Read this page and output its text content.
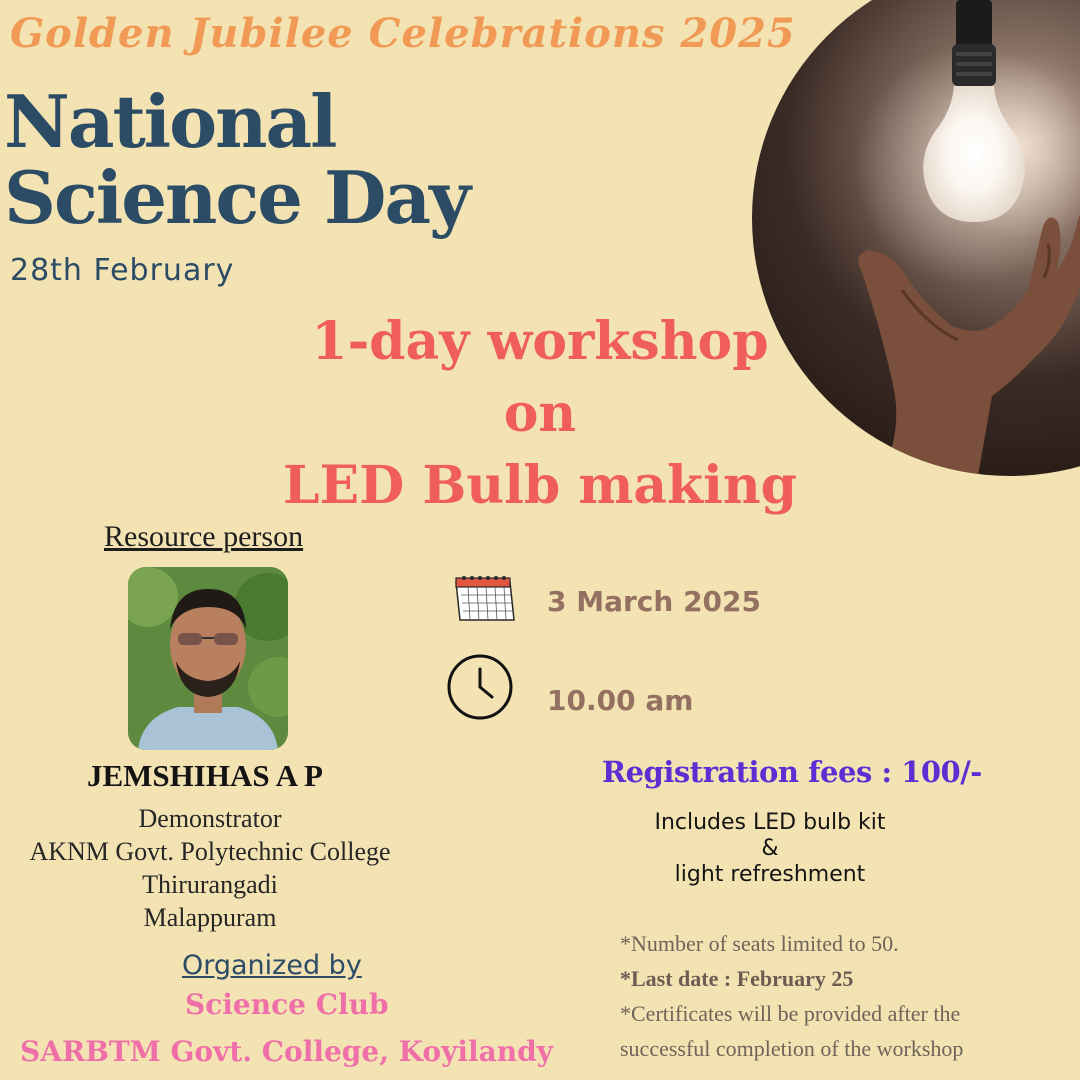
Golden Jubilee Celebrations 2025
National
Science Day
28th February
1-day workshop
on
LED Bulb making
Resource person
JEMSHIHAS A P
Demonstrator
AKNM Govt. Polytechnic College
Thirurangadi
Malappuram
Organized by
Science Club
SARBTM Govt. College, Koyilandy
3 March 2025
10.00 am
Registration fees : 100/-
Includes LED bulb kit
&
light refreshment
*Number of seats limited to 50.
*Last date : February 25
*Certificates will be provided after the
successful completion of the workshop
